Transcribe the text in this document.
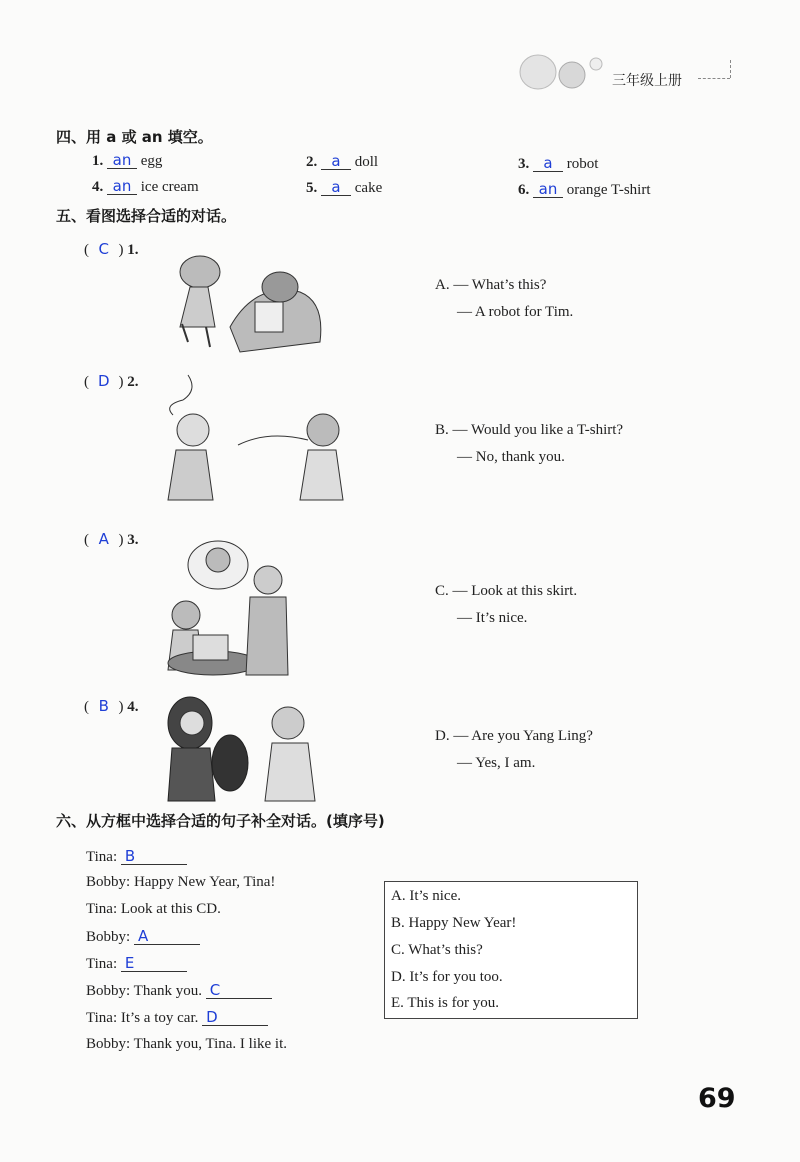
三年级上册
四、用 a 或 an 填空。
1. an egg	2. a doll	3. a robot
4. an ice cream	5. a cake	6. an orange T-shirt
五、看图选择合适的对话。
( C ) 1.
( D ) 2.
( A ) 3.
( B ) 4.
A. — What’s this?
— A robot for Tim.
B. — Would you like a T-shirt?
— No, thank you.
C. — Look at this skirt.
— It’s nice.
D. — Are you Yang Ling?
— Yes, I am.
六、从方框中选择合适的句子补全对话。(填序号)
Tina: B
Bobby: Happy New Year, Tina!
Tina: Look at this CD.
Bobby: A
Tina: E
Bobby: Thank you. C
Tina: It’s a toy car. D
Bobby: Thank you, Tina. I like it.
A. It’s nice.
B. Happy New Year!
C. What’s this?
D. It’s for you too.
E. This is for you.
69
